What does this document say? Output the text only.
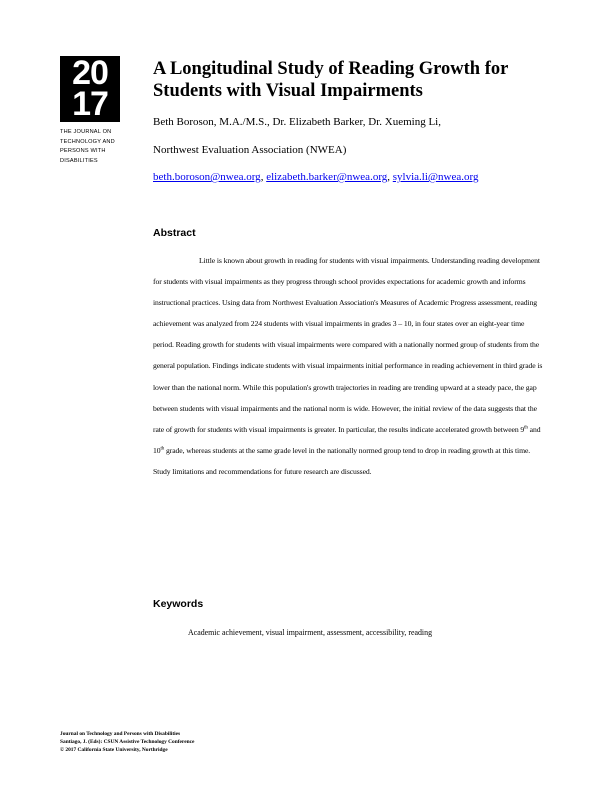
20
17
THE JOURNAL ON
TECHNOLOGY AND
PERSONS WITH
DISABILITIES
A Longitudinal Study of Reading Growth for
Students with Visual Impairments
Beth Boroson, M.A./M.S., Dr. Elizabeth Barker, Dr. Xueming Li,
Northwest Evaluation Association (NWEA)
beth.boroson@nwea.org, elizabeth.barker@nwea.org, sylvia.li@nwea.org
Abstract

Little is known about growth in reading for students with visual impairments. Understanding reading development for students with visual impairments as they progress through school provides expectations for academic growth and informs instructional practices. Using data from Northwest Evaluation Association's Measures of Academic Progress assessment, reading achievement was analyzed from 224 students with visual impairments in grades 3 – 10, in four states over an eight-year time period. Reading growth for students with visual impairments were compared with a nationally normed group of students from the general population. Findings indicate students with visual impairments initial performance in reading achievement in third grade is lower than the national norm. While this population's growth trajectories in reading are trending upward at a steady pace, the gap between students with visual impairments and the national norm is wide. However, the initial review of the data suggests that the rate of growth for students with visual impairments is greater. In particular, the results indicate accelerated growth between 9th and 10th grade, whereas students at the same grade level in the nationally normed group tend to drop in reading growth at this time. Study limitations and recommendations for future research are discussed.

Keywords
Academic achievement, visual impairment, assessment, accessibility, reading
Journal on Technology and Persons with Disabilities
Santiago, J. (Eds): CSUN Assistive Technology Conference
© 2017 California State University, Northridge
